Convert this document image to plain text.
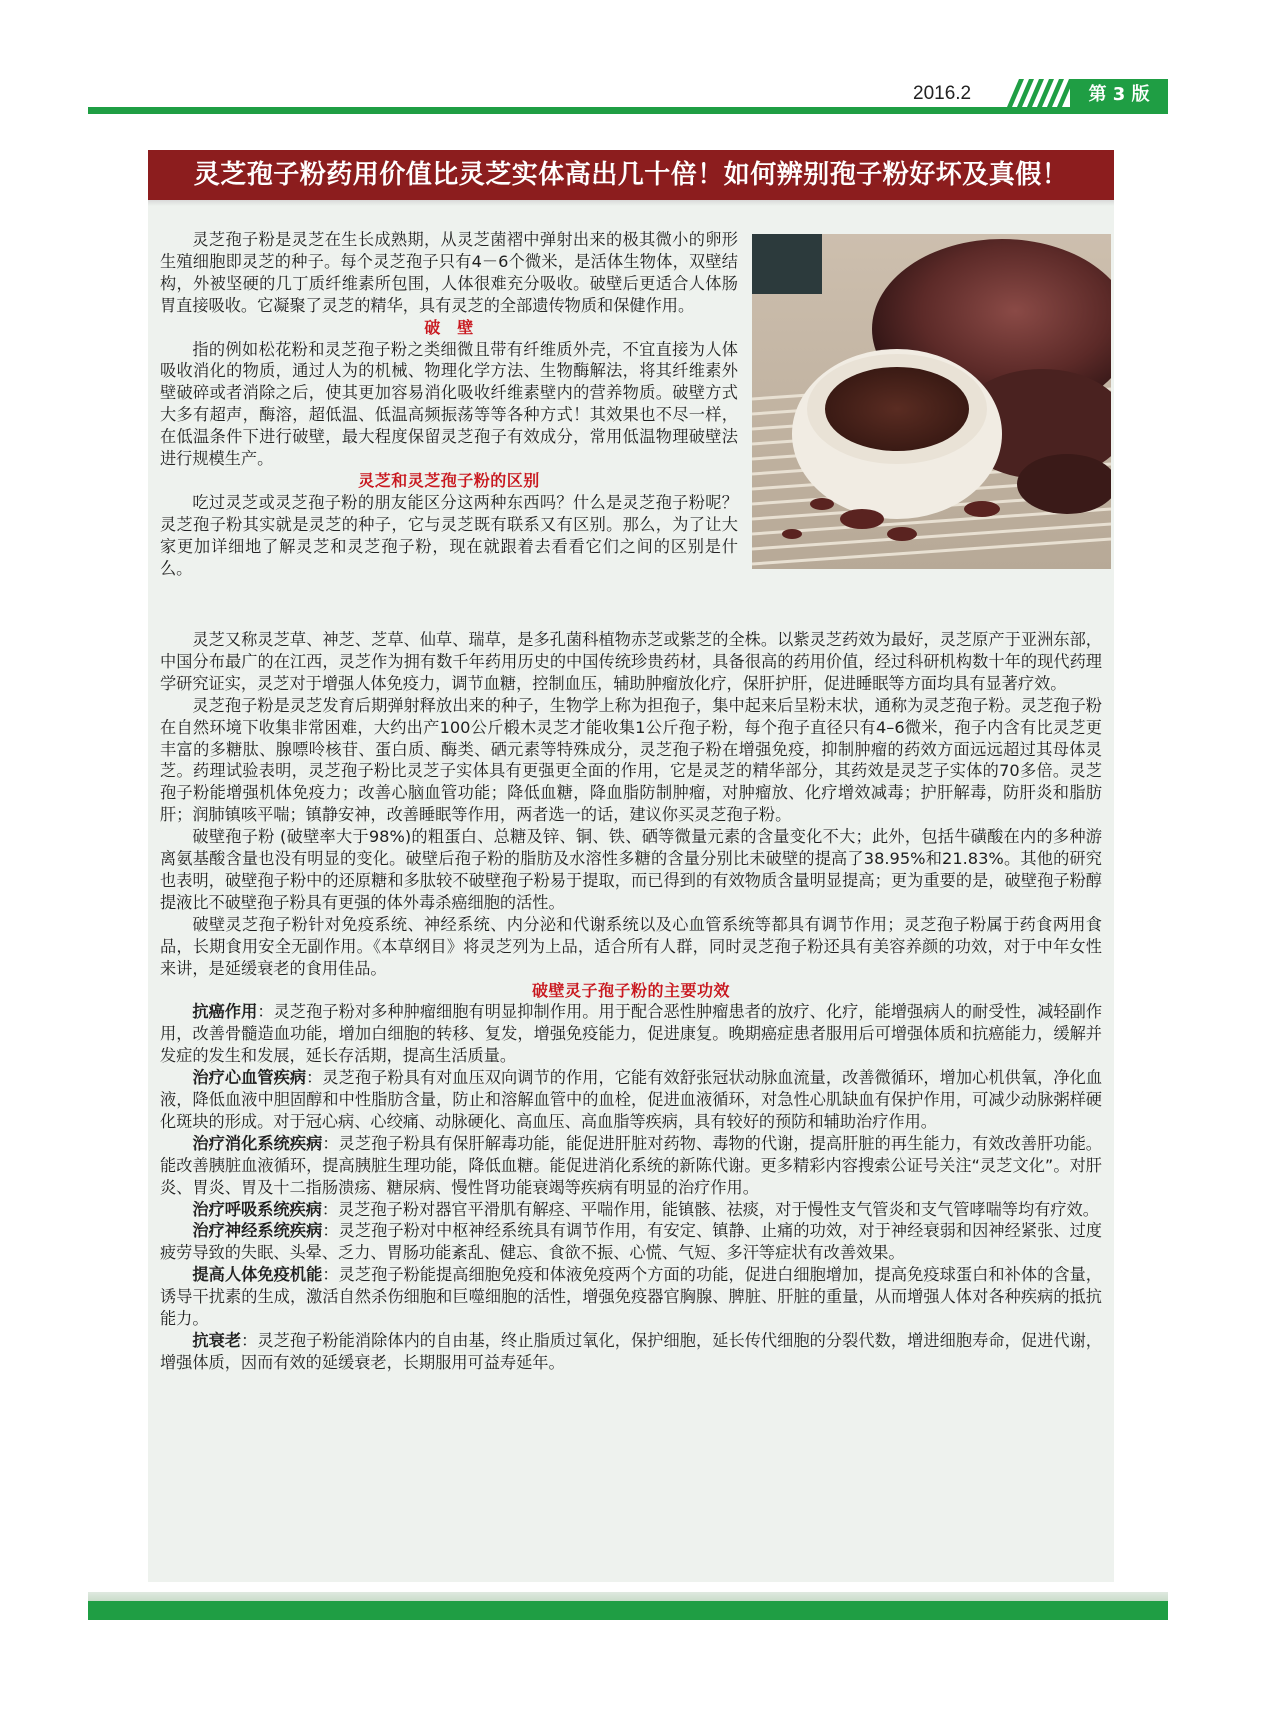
2016.2	第 3 版
灵芝孢子粉药用价值比灵芝实体高出几十倍！如何辨别孢子粉好坏及真假！

灵芝孢子粉是灵芝在生长成熟期，从灵芝菌褶中弹射出来的极其微小的卵形生殖细胞即灵芝的种子。每个灵芝孢子只有4－6个微米，是活体生物体，双壁结构，外被坚硬的几丁质纤维素所包围，人体很难充分吸收。破壁后更适合人体肠胃直接吸收。它凝聚了灵芝的精华，具有灵芝的全部遗传物质和保健作用。

破　壁

指的例如松花粉和灵芝孢子粉之类细微且带有纤维质外壳，不宜直接为人体吸收消化的物质，通过人为的机械、物理化学方法、生物酶解法，将其纤维素外壁破碎或者消除之后，使其更加容易消化吸收纤维素壁内的营养物质。破壁方式大多有超声，酶溶，超低温、低温高频振荡等等各种方式！其效果也不尽一样，在低温条件下进行破壁，最大程度保留灵芝孢子有效成分，常用低温物理破壁法进行规模生产。

灵芝和灵芝孢子粉的区别

吃过灵芝或灵芝孢子粉的朋友能区分这两种东西吗？什么是灵芝孢子粉呢？灵芝孢子粉其实就是灵芝的种子，它与灵芝既有联系又有区别。那么，为了让大家更加详细地了解灵芝和灵芝孢子粉，现在就跟着去看看它们之间的区别是什么。

灵芝又称灵芝草、神芝、芝草、仙草、瑞草，是多孔菌科植物赤芝或紫芝的全株。以紫灵芝药效为最好，灵芝原产于亚洲东部，中国分布最广的在江西，灵芝作为拥有数千年药用历史的中国传统珍贵药材，具备很高的药用价值，经过科研机构数十年的现代药理学研究证实，灵芝对于增强人体免疫力，调节血糖，控制血压，辅助肿瘤放化疗，保肝护肝，促进睡眠等方面均具有显著疗效。

灵芝孢子粉是灵芝发育后期弹射释放出来的种子，生物学上称为担孢子，集中起来后呈粉末状，通称为灵芝孢子粉。灵芝孢子粉在自然环境下收集非常困难，大约出产100公斤椴木灵芝才能收集1公斤孢子粉，每个孢子直径只有4–6微米，孢子内含有比灵芝更丰富的多糖肽、腺嘌呤核苷、蛋白质、酶类、硒元素等特殊成分，灵芝孢子粉在增强免疫，抑制肿瘤的药效方面远远超过其母体灵芝。药理试验表明，灵芝孢子粉比灵芝子实体具有更强更全面的作用，它是灵芝的精华部分，其药效是灵芝子实体的70多倍。灵芝孢子粉能增强机体免疫力；改善心脑血管功能；降低血糖，降血脂防制肿瘤，对肿瘤放、化疗增效减毒；护肝解毒，防肝炎和脂肪肝；润肺镇咳平喘；镇静安神，改善睡眠等作用，两者选一的话，建议你买灵芝孢子粉。

破壁孢子粉 (破壁率大于98%)的粗蛋白、总糖及锌、铜、铁、硒等微量元素的含量变化不大；此外，包括牛磺酸在内的多种游离氨基酸含量也没有明显的变化。破壁后孢子粉的脂肪及水溶性多糖的含量分别比未破壁的提高了38.95%和21.83%。其他的研究也表明，破壁孢子粉中的还原糖和多肽较不破壁孢子粉易于提取，而已得到的有效物质含量明显提高；更为重要的是，破壁孢子粉醇提液比不破壁孢子粉具有更强的体外毒杀癌细胞的活性。

破壁灵芝孢子粉针对免疫系统、神经系统、内分泌和代谢系统以及心血管系统等都具有调节作用；灵芝孢子粉属于药食两用食品，长期食用安全无副作用。《本草纲目》将灵芝列为上品，适合所有人群，同时灵芝孢子粉还具有美容养颜的功效，对于中年女性来讲，是延缓衰老的食用佳品。

破壁灵子孢子粉的主要功效

抗癌作用：灵芝孢子粉对多种肿瘤细胞有明显抑制作用。用于配合恶性肿瘤患者的放疗、化疗，能增强病人的耐受性，减轻副作用，改善骨髓造血功能，增加白细胞的转移、复发，增强免疫能力，促进康复。晚期癌症患者服用后可增强体质和抗癌能力，缓解并发症的发生和发展，延长存活期，提高生活质量。

治疗心血管疾病：灵芝孢子粉具有对血压双向调节的作用，它能有效舒张冠状动脉血流量，改善微循环，增加心机供氧，净化血液，降低血液中胆固醇和中性脂肪含量，防止和溶解血管中的血栓，促进血液循环，对急性心肌缺血有保护作用，可减少动脉粥样硬化斑块的形成。对于冠心病、心绞痛、动脉硬化、高血压、高血脂等疾病，具有较好的预防和辅助治疗作用。

治疗消化系统疾病：灵芝孢子粉具有保肝解毒功能，能促进肝脏对药物、毒物的代谢，提高肝脏的再生能力，有效改善肝功能。能改善胰脏血液循环，提高胰脏生理功能，降低血糖。能促进消化系统的新陈代谢。更多精彩内容搜索公证号关注“灵芝文化”。对肝炎、胃炎、胃及十二指肠溃疡、糖尿病、慢性肾功能衰竭等疾病有明显的治疗作用。

治疗呼吸系统疾病：灵芝孢子粉对器官平滑肌有解痉、平喘作用，能镇骸、祛痰，对于慢性支气管炎和支气管哮喘等均有疗效。

治疗神经系统疾病：灵芝孢子粉对中枢神经系统具有调节作用，有安定、镇静、止痛的功效，对于神经衰弱和因神经紧张、过度疲劳导致的失眠、头晕、乏力、胃肠功能紊乱、健忘、食欲不振、心慌、气短、多汗等症状有改善效果。

提高人体免疫机能：灵芝孢子粉能提高细胞免疫和体液免疫两个方面的功能，促进白细胞增加，提高免疫球蛋白和补体的含量，诱导干扰素的生成，激活自然杀伤细胞和巨噬细胞的活性，增强免疫器官胸腺、脾脏、肝脏的重量，从而增强人体对各种疾病的抵抗能力。

抗衰老：灵芝孢子粉能消除体内的自由基，终止脂质过氧化，保护细胞，延长传代细胞的分裂代数，增进细胞寿命，促进代谢，增强体质，因而有效的延缓衰老，长期服用可益寿延年。
